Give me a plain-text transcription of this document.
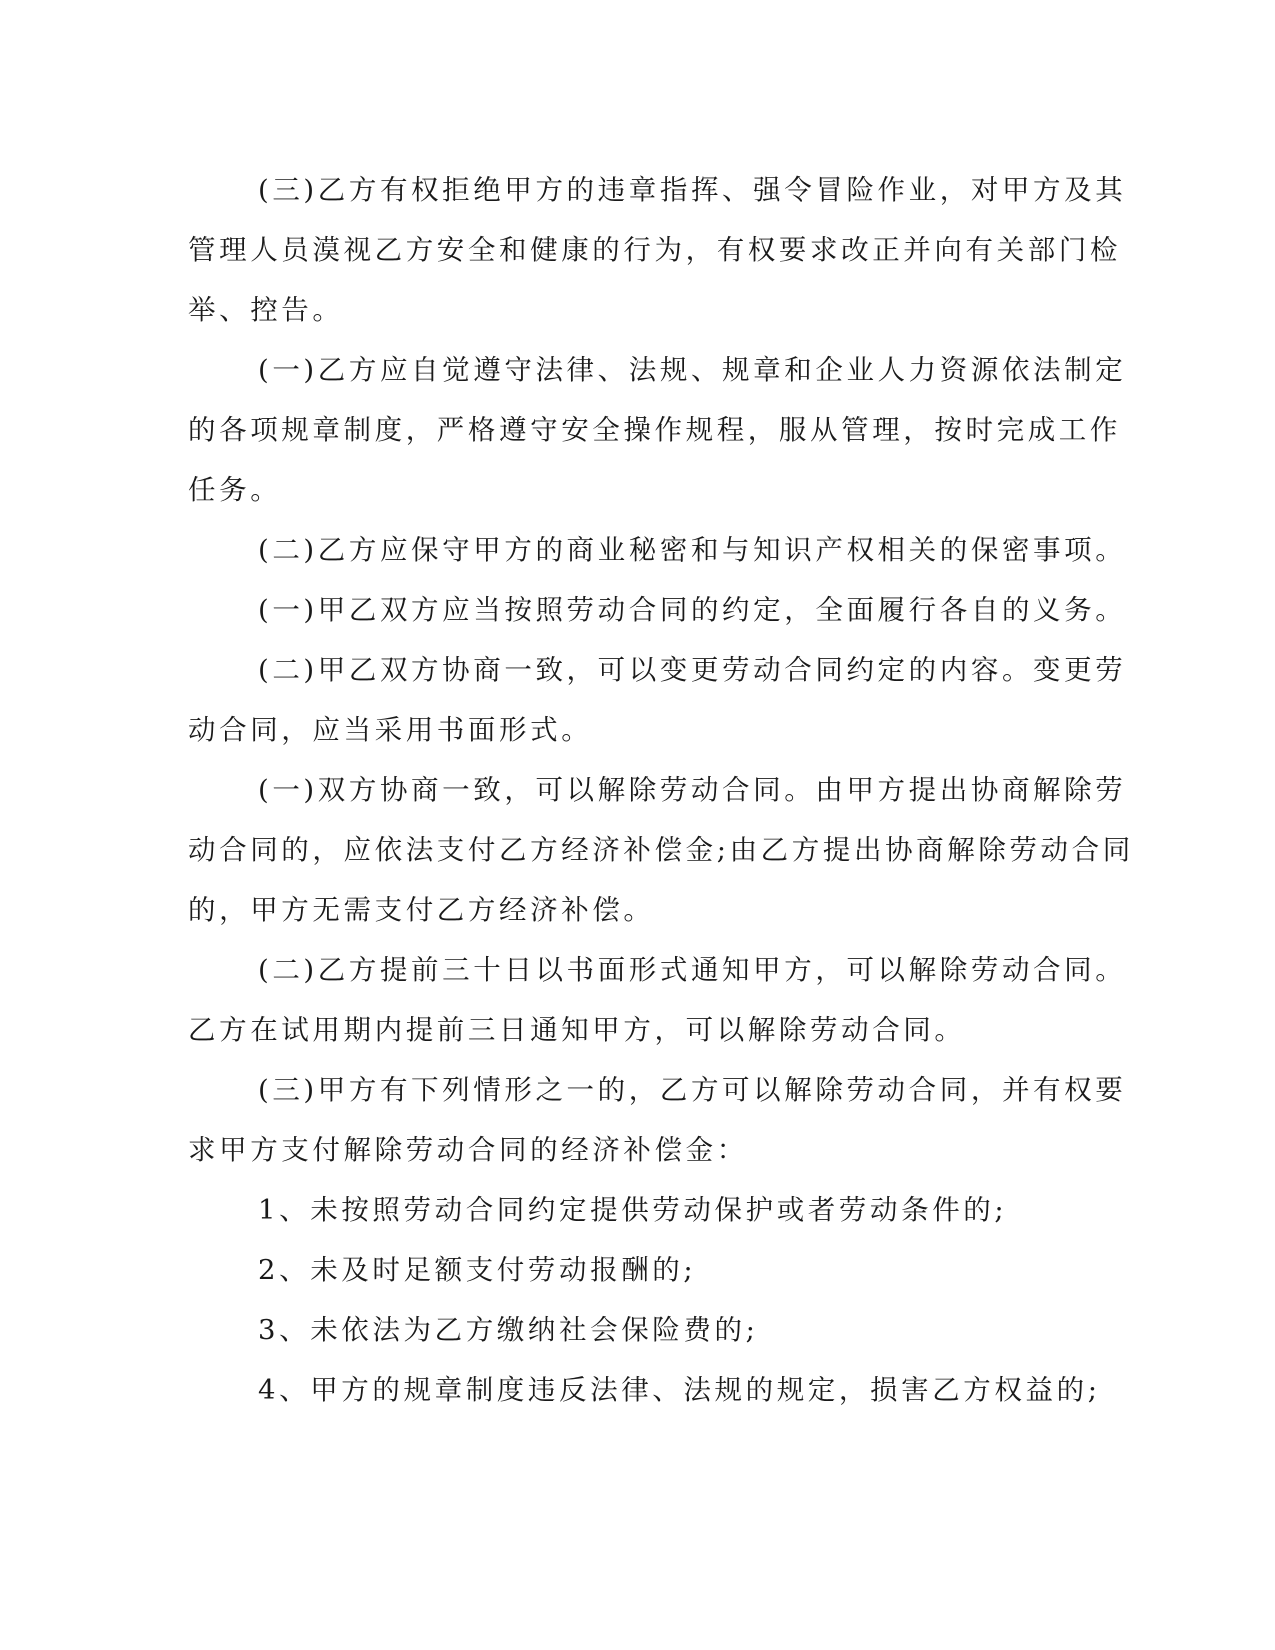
(三)乙方有权拒绝甲方的违章指挥、强令冒险作业，对甲方及其
管理人员漠视乙方安全和健康的行为，有权要求改正并向有关部门检
举、控告。

(一)乙方应自觉遵守法律、法规、规章和企业人力资源依法制定
的各项规章制度，严格遵守安全操作规程，服从管理，按时完成工作
任务。

(二)乙方应保守甲方的商业秘密和与知识产权相关的保密事项。

(一)甲乙双方应当按照劳动合同的约定，全面履行各自的义务。

(二)甲乙双方协商一致，可以变更劳动合同约定的内容。变更劳
动合同，应当采用书面形式。

(一)双方协商一致，可以解除劳动合同。由甲方提出协商解除劳
动合同的，应依法支付乙方经济补偿金;由乙方提出协商解除劳动合同
的，甲方无需支付乙方经济补偿。

(二)乙方提前三十日以书面形式通知甲方，可以解除劳动合同。
乙方在试用期内提前三日通知甲方，可以解除劳动合同。

(三)甲方有下列情形之一的，乙方可以解除劳动合同，并有权要
求甲方支付解除劳动合同的经济补偿金：

1、未按照劳动合同约定提供劳动保护或者劳动条件的;

2、未及时足额支付劳动报酬的;

3、未依法为乙方缴纳社会保险费的;

4、甲方的规章制度违反法律、法规的规定，损害乙方权益的;
